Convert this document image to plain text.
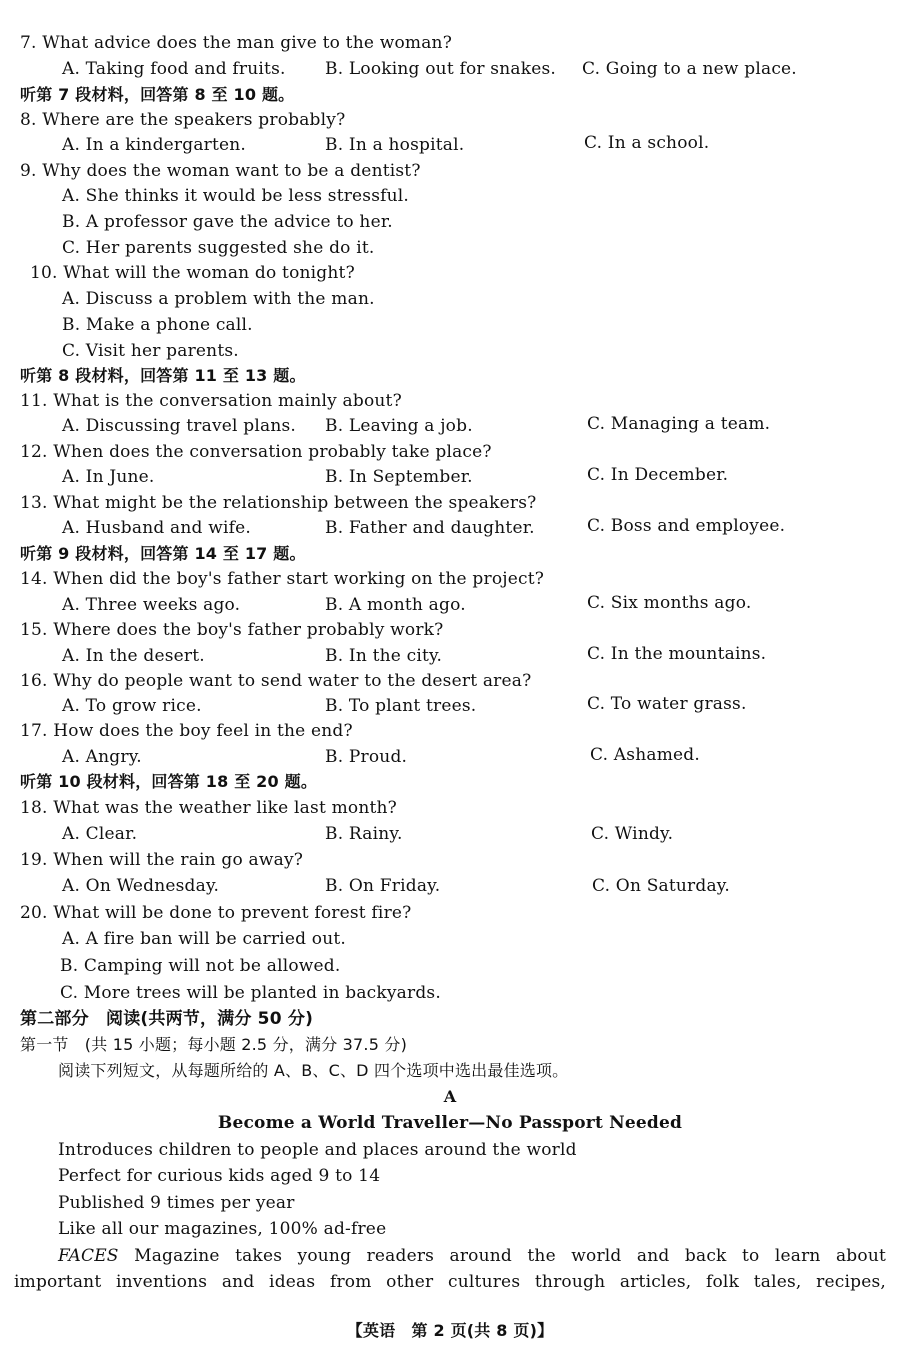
7. What advice does the man give to the woman?
A. Taking food and fruits. B. Looking out for snakes. C. Going to a new place.
听第 7 段材料，回答第 8 至 10 题。
8. Where are the speakers probably?
A. In a kindergarten.	B. In a hospital.	C. In a school.
9. Why does the woman want to be a dentist?
A. She thinks it would be less stressful.
B. A professor gave the advice to her.
C. Her parents suggested she do it.
10. What will the woman do tonight?
A. Discuss a problem with the man.
B. Make a phone call.
C. Visit her parents.
听第 8 段材料，回答第 11 至 13 题。
11. What is the conversation mainly about?
A. Discussing travel plans. B. Leaving a job.	C. Managing a team.
12. When does the conversation probably take place?
A. In June.	B. In September.	C. In December.
13. What might be the relationship between the speakers?
A. Husband and wife.	B. Father and daughter.	C. Boss and employee.
听第 9 段材料，回答第 14 至 17 题。
14. When did the boy's father start working on the project?
A. Three weeks ago.	B. A month ago.	C. Six months ago.
15. Where does the boy's father probably work?
A. In the desert.	B. In the city.	C. In the mountains.
16. Why do people want to send water to the desert area?
A. To grow rice.	B. To plant trees.	C. To water grass.
17. How does the boy feel in the end?
A. Angry.	B. Proud.	C. Ashamed.
听第 10 段材料，回答第 18 至 20 题。
18. What was the weather like last month?
A. Clear.	B. Rainy.	C. Windy.
19. When will the rain go away?
A. On Wednesday.	B. On Friday.	C. On Saturday.
20. What will be done to prevent forest fire?
A. A fire ban will be carried out.
B. Camping will not be allowed.
C. More trees will be planted in backyards.
第二部分　阅读(共两节，满分 50 分)
第一节　(共 15 小题；每小题 2.5 分，满分 37.5 分)
阅读下列短文，从每题所给的 A、B、C、D 四个选项中选出最佳选项。
A
Become a World Traveller—No Passport Needed
Introduces children to people and places around the world
Perfect for curious kids aged 9 to 14
Published 9 times per year
Like all our magazines, 100% ad-free
FACES Magazine takes young readers around the world and back to learn about
important inventions and ideas from other cultures through articles, folk tales, recipes,
【英语　第 2 页(共 8 页)】
